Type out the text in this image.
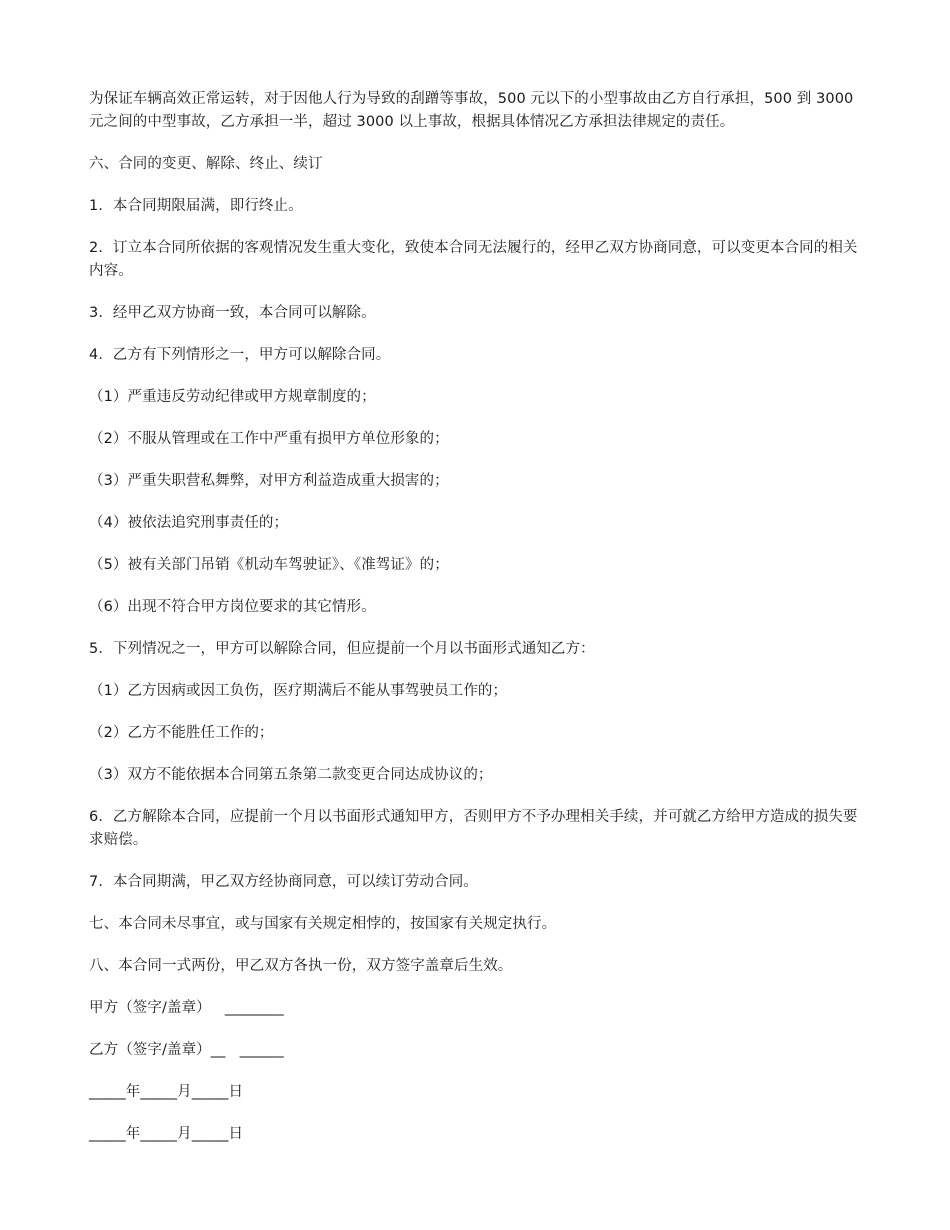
为保证车辆高效正常运转，对于因他人行为导致的刮蹭等事故，500 元以下的小型事故由乙方自行承担，500 到 3000 元之间的中型事故，乙方承担一半，超过 3000 以上事故，根据具体情况乙方承担法律规定的责任。

六、合同的变更、解除、终止、续订

1．本合同期限届满，即行终止。

2．订立本合同所依据的客观情况发生重大变化，致使本合同无法履行的，经甲乙双方协商同意，可以变更本合同的相关内容。

3．经甲乙双方协商一致，本合同可以解除。

4．乙方有下列情形之一，甲方可以解除合同。

（1）严重违反劳动纪律或甲方规章制度的；

（2）不服从管理或在工作中严重有损甲方单位形象的；

（3）严重失职营私舞弊，对甲方利益造成重大损害的；

（4）被依法追究刑事责任的；

（5）被有关部门吊销《机动车驾驶证》、《准驾证》的；

（6）出现不符合甲方岗位要求的其它情形。

5．下列情况之一，甲方可以解除合同，但应提前一个月以书面形式通知乙方：

（1）乙方因病或因工负伤，医疗期满后不能从事驾驶员工作的；

（2）乙方不能胜任工作的；

（3）双方不能依据本合同第五条第二款变更合同达成协议的；

6．乙方解除本合同，应提前一个月以书面形式通知甲方，否则甲方不予办理相关手续，并可就乙方给甲方造成的损失要求赔偿。

7．本合同期满，甲乙双方经协商同意，可以续订劳动合同。

七、本合同未尽事宜，或与国家有关规定相悖的，按国家有关规定执行。

八、本合同一式两份，甲乙双方各执一份，双方签字盖章后生效。

甲方（签字/盖章）   ________

乙方（签字/盖章）__   ______

_____年_____月_____日

_____年_____月_____日
